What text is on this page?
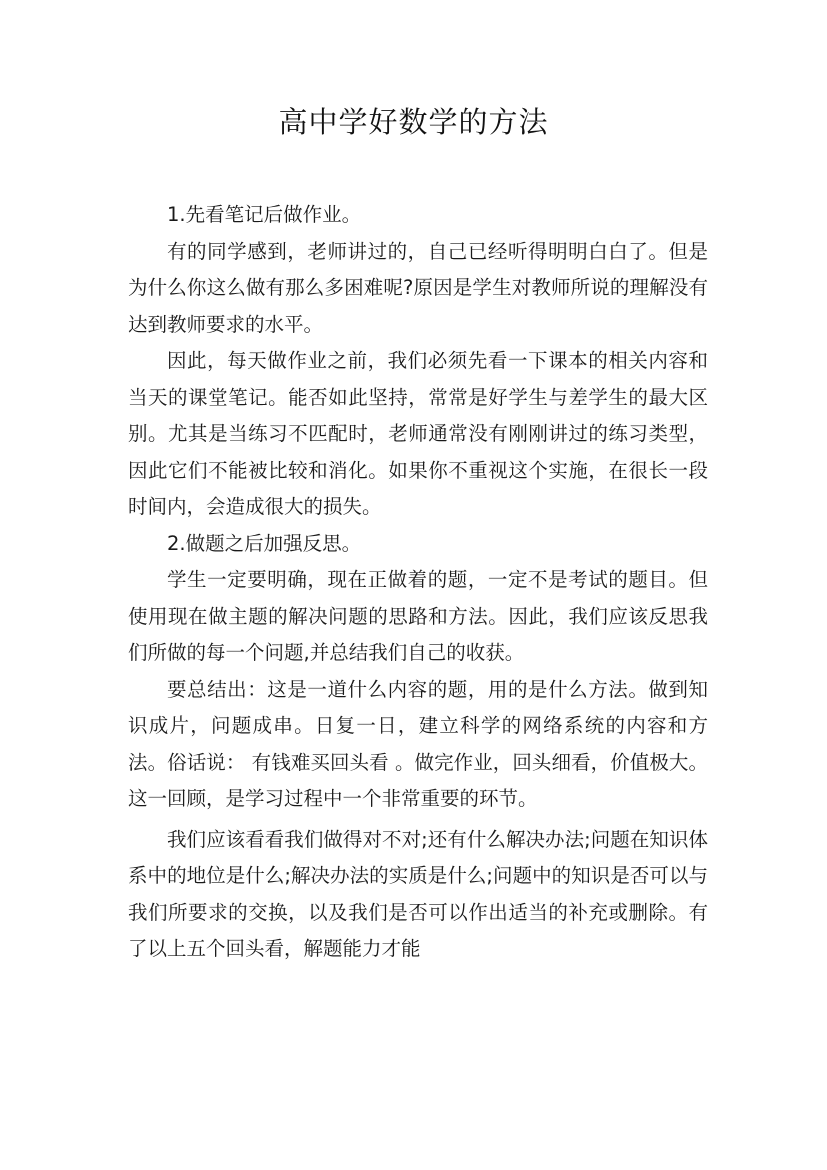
高中学好数学的方法

1.先看笔记后做作业。

有的同学感到，老师讲过的，自己已经听得明明白白了。但是为什么你这么做有那么多困难呢?原因是学生对教师所说的理解没有达到教师要求的水平。

因此，每天做作业之前，我们必须先看一下课本的相关内容和当天的课堂笔记。能否如此坚持，常常是好学生与差学生的最大区别。尤其是当练习不匹配时，老师通常没有刚刚讲过的练习类型，因此它们不能被比较和消化。如果你不重视这个实施，在很长一段时间内，会造成很大的损失。

2.做题之后加强反思。

学生一定要明确，现在正做着的题，一定不是考试的题目。但使用现在做主题的解决问题的思路和方法。因此，我们应该反思我们所做的每一个问题,并总结我们自己的收获。

要总结出：这是一道什么内容的题，用的是什么方法。做到知识成片，问题成串。日复一日，建立科学的网络系统的内容和方法。俗话说： 有钱难买回头看 。做完作业，回头细看，价值极大。这一回顾，是学习过程中一个非常重要的环节。

我们应该看看我们做得对不对;还有什么解决办法;问题在知识体系中的地位是什么;解决办法的实质是什么;问题中的知识是否可以与我们所要求的交换，以及我们是否可以作出适当的补充或删除。有了以上五个回头看，解题能力才能
